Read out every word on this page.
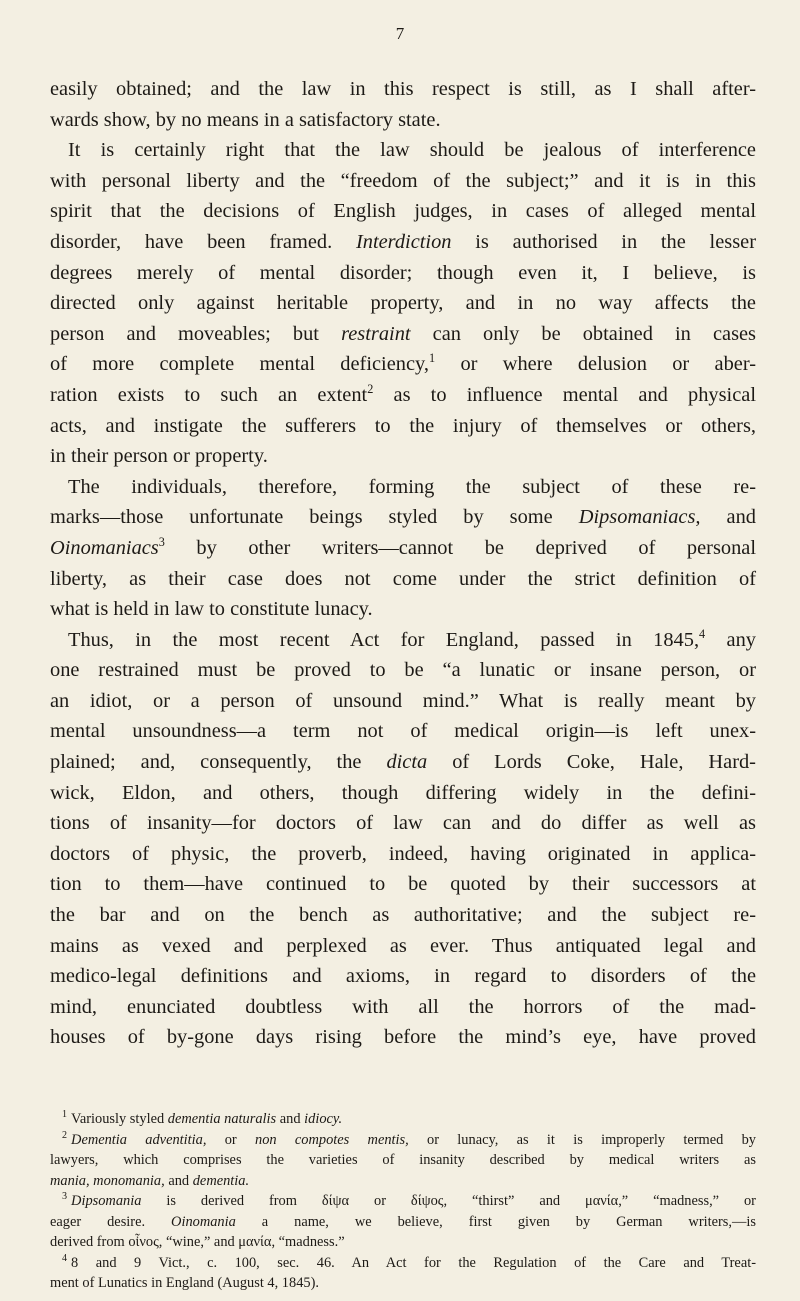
7
easily obtained; and the law in this respect is still, as I shall after-
wards show, by no means in a satisfactory state.
It is certainly right that the law should be jealous of interference
with personal liberty and the “freedom of the subject;” and it is in this
spirit that the decisions of English judges, in cases of alleged mental
disorder, have been framed. Interdiction is authorised in the lesser
degrees merely of mental disorder; though even it, I believe, is
directed only against heritable property, and in no way affects the
person and moveables; but restraint can only be obtained in cases
of more complete mental deficiency,$^1$ or where delusion or aber-
ration exists to such an extent$^2$ as to influence mental and physical
acts, and instigate the sufferers to the injury of themselves or others,
in their person or property.
The individuals, therefore, forming the subject of these re-
marks—those unfortunate beings styled by some Dipsomaniacs, and
Oinomaniacs$^3$ by other writers—cannot be deprived of personal
liberty, as their case does not come under the strict definition of
what is held in law to constitute lunacy.
Thus, in the most recent Act for England, passed in 1845,$^4$ any
one restrained must be proved to be “a lunatic or insane person, or
an idiot, or a person of unsound mind.” What is really meant by
mental unsoundness—a term not of medical origin—is left unex-
plained; and, consequently, the dicta of Lords Coke, Hale, Hard-
wick, Eldon, and others, though differing widely in the defini-
tions of insanity—for doctors of law can and do differ as well as
doctors of physic, the proverb, indeed, having originated in applica-
tion to them—have continued to be quoted by their successors at
the bar and on the bench as authoritative; and the subject re-
mains as vexed and perplexed as ever. Thus antiquated legal and
medico-legal definitions and axioms, in regard to disorders of the
mind, enunciated doubtless with all the horrors of the mad-
houses of by-gone days rising before the mind’s eye, have proved
$^1$ Variously styled dementia naturalis and idiocy.
$^2$ Dementia adventitia, or non compotes mentis, or lunacy, as it is improperly termed by
lawyers, which comprises the varieties of insanity described by medical writers as
mania, monomania, and dementia.
$^3$ Dipsomania is derived from δίψα or δίψος, “thirst” and μανία,” “madness,” or
eager desire. Oinomania a name, we believe, first given by German writers,—is
derived from οἶνος, “wine,” and μανία, “madness.”
$^4$ 8 and 9 Vict., c. 100, sec. 46. An Act for the Regulation of the Care and Treat-
ment of Lunatics in England (August 4, 1845).
